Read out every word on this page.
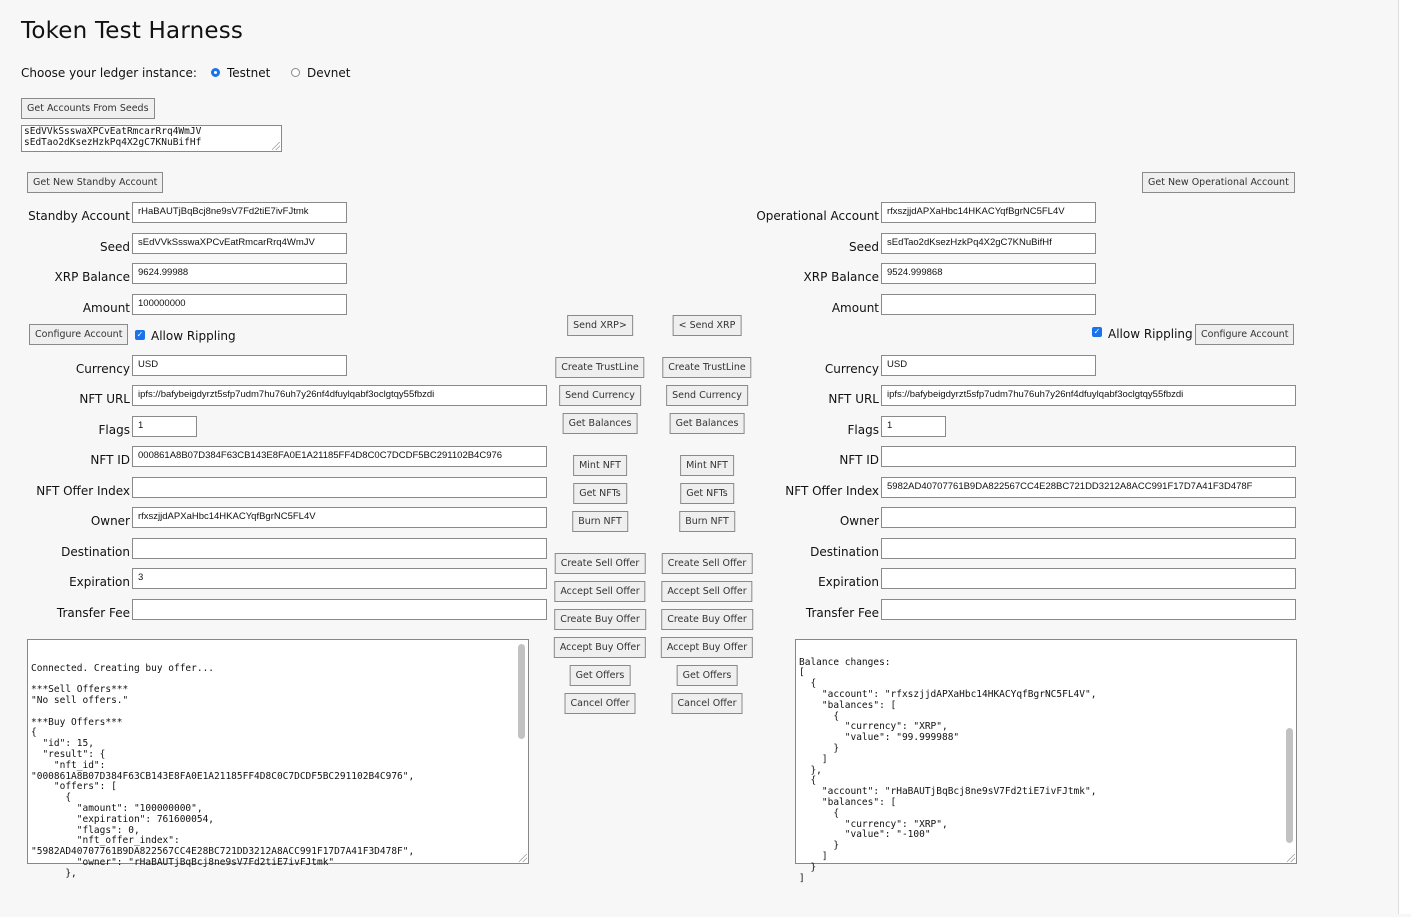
Token Test Harness
Choose your ledger instance:	Testnet	Devnet
Get Accounts From Seeds
sEdVVkSsswaXPCvEatRmcarRrq4WmJV
sEdTao2dKsezHzkPq4X2gC7KNuBifHf
Get New Standby Account	Get New Operational Account
Configure Account	✓ Allow Rippling	✓ Allow Rippling Configure Account
Standby Account rHaBAUTjBqBcj8ne9sV7Fd2tiE7ivFJtmk
Seed sEdVVkSsswaXPCvEatRmcarRrq4WmJV
XRP Balance 9624.99988
Amount 100000000
Currency USD
NFT URL ipfs://bafybeigdyrzt5sfp7udm7hu76uh7y26nf4dfuylqabf3oclgtqy55fbzdi
Flags 1
NFT ID 000861A8B07D384F63CB143E8FA0E1A21185FF4D8C0C7DCDF5BC291102B4C976
NFT Offer Index
Owner rfxszjjdAPXaHbc14HKACYqfBgrNC5FL4V
Destination
Expiration 3
Transfer Fee
Operational Account rfxszjjdAPXaHbc14HKACYqfBgrNC5FL4V
Seed sEdTao2dKsezHzkPq4X2gC7KNuBifHf
XRP Balance 9524.999868
Amount
Currency USD
NFT URL ipfs://bafybeigdyrzt5sfp7udm7hu76uh7y26nf4dfuylqabf3oclgtqy55fbzdi
Flags 1
NFT ID
NFT Offer Index 5982AD40707761B9DA822567CC4E28BC721DD3212A8ACC991F17D7A41F3D478F
Owner
Destination
Expiration
Transfer Fee
Send XRP>
Create TrustLine
Send Currency
Get Balances
Mint NFT
Get NFTs
Burn NFT
Create Sell Offer
Accept Sell Offer
Create Buy Offer
Accept Buy Offer
Get Offers
Cancel Offer
< Send XRP
Create TrustLine
Send Currency
Get Balances
Mint NFT
Get NFTs
Burn NFT
Create Sell Offer
Accept Sell Offer
Create Buy Offer
Accept Buy Offer
Get Offers
Cancel Offer

Connected. Creating buy offer...

***Sell Offers***
"No sell offers."

***Buy Offers***
{
"id": 15,
"result": {
"nft_id":
"000861A8B07D384F63CB143E8FA0E1A21185FF4D8C0C7DCDF5BC291102B4C976",
"offers": [
{
"amount": "100000000",
"expiration": 761600054,
"flags": 0,
"nft_offer_index":
"5982AD40707761B9DA822567CC4E28BC721DD3212A8ACC991F17D7A41F3D478F",
"owner": "rHaBAUTjBqBcj8ne9sV7Fd2tiE7ivFJtmk"
},

Balance changes:
[
{
"account": "rfxszjjdAPXaHbc14HKACYqfBgrNC5FL4V",
"balances": [
{
"currency": "XRP",
"value": "99.999988"
}
]
},
{
"account": "rHaBAUTjBqBcj8ne9sV7Fd2tiE7ivFJtmk",
"balances": [
{
"currency": "XRP",
"value": "-100"
}
]
}
]
